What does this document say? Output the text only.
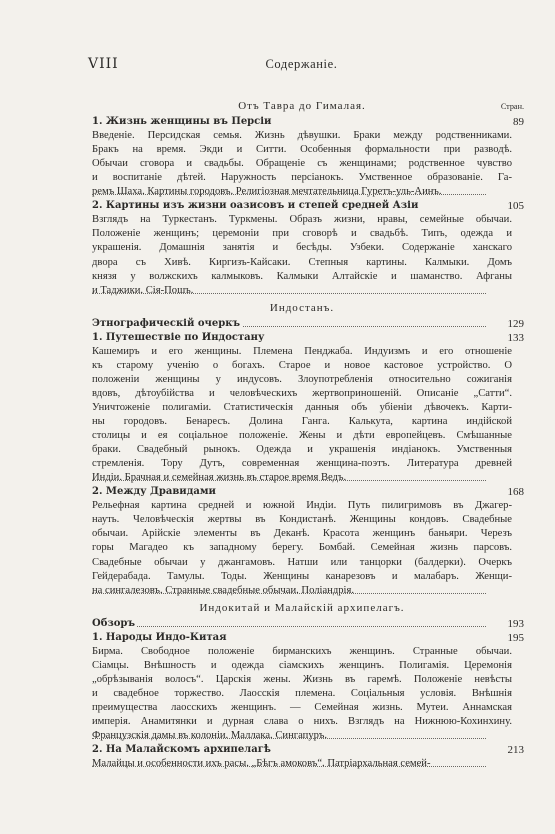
VIII	Содержаніе.
Отъ Тавра до Гималая.	Стран.
1. Жизнь женщины въ Персіи	89
Введеніе. Персидская семья. Жизнь дѣвушки. Браки между родственниками.
Бракъ на время. Экди и Ситти. Особенныя формальности при разводѣ.
Обычаи сговора и свадьбы. Обращеніе съ женщинами; родственное чувство
и воспитаніе дѣтей. Наружность персіанокъ. Умственное образованіе. Га-
ремъ Шаха. Картины городовъ. Религіозная мечтательница Гуретъ-уль-Аинъ.
2. Картины изъ жизни оазисовъ и степей средней Азіи	105
Взглядъ на Туркестанъ. Туркмены. Образъ жизни, нравы, семейные обычаи.
Положеніе женщинъ; церемоніи при сговорѣ и свадьбѣ. Типъ, одежда и
украшенія. Домашнія занятія и бесѣды. Узбеки. Содержаніе ханскаго
двора съ Хивѣ. Киргизъ-Кайсаки. Степныя картины. Калмыки. Домъ
князя у волжскихъ калмыковъ. Калмыки Алтайскіе и шаманство. Афганы
и Таджики. Сія-Пошъ.
Индостанъ.
Этнографическій очеркъ	129
1. Путешествіе по Индостану	133
Кашемиръ и его женщины. Племена Пенджаба. Индуизмъ и его отношеніе
къ старому ученію о богахъ. Старое и новое кастовое устройство. О
положеніи женщины у индусовъ. Злоупотребленія относительно сожиганія
вдовъ, дѣтоубійства и человѣческихъ жертвоприношеній. Описаніе „Сатти“.
Уничтоженіе полигаміи. Статистическія данныя объ убіеніи дѣвочекъ. Карти-
ны городовъ. Бенаресъ. Долина Ганга. Калькута, картина индійской
столицы и ея соціальное положеніе. Жены и дѣти европейцевъ. Смѣшанные
браки. Свадебный рынокъ. Одежда и украшенія индіанокъ. Умственныя
стремленія. Тору Дутъ, современная женщина-поэтъ. Литература древней
Индіи. Брачная и семейная жизнь въ старое время Ведъ.
2. Между Дравидами	168
Рельефная картина средней и южной Индіи. Путь пилигримовъ въ Джагер-
науть. Человѣческія жертвы въ Кондистанѣ. Женщины кондовъ. Свадебные
обычаи. Арійскіе элементы въ Деканѣ. Красота женщинъ баньяри. Черезъ
горы Магадео къ западному берегу. Бомбай. Семейная жизнь парсовъ.
Свадебные обычаи у джангамовъ. Натши или танцорки (балдерки). Очеркъ
Гейдерабада. Тамулы. Тоды. Женщины канарезовъ и малабаръ. Женщи-
на сингалезовъ. Странные свадебные обычаи. Поліандрія.
Индокитай и Малайскій архипелагъ.
Обзоръ	193
1. Народы Индо-Китая	195
Бирма. Свободное положеніе бирманскихъ женщинъ. Странные обычаи.
Сіамцы. Внѣшность и одежда сіамскихъ женщинъ. Полигамія. Церемонія
„обрѣзыванія волосъ“. Царскія жены. Жизнь въ гаремѣ. Положеніе невѣсты
и свадебное торжество. Лаосскія племена. Соціальныя условія. Внѣшнія
преимущества лаосскихъ женщинъ. — Семейная жизнь. Мутеи. Аннамская
имперія. Анамитянки и дурная слава о нихъ. Взглядъ на Нижнюю-Кохинхину.
Французскія дамы въ колоніи. Маллака. Сингапуръ.
2. На Малайскомъ архипелагѣ	213
Малайцы и особенности ихъ расы. „Бѣгъ амоковъ“. Патріархальная семей-
